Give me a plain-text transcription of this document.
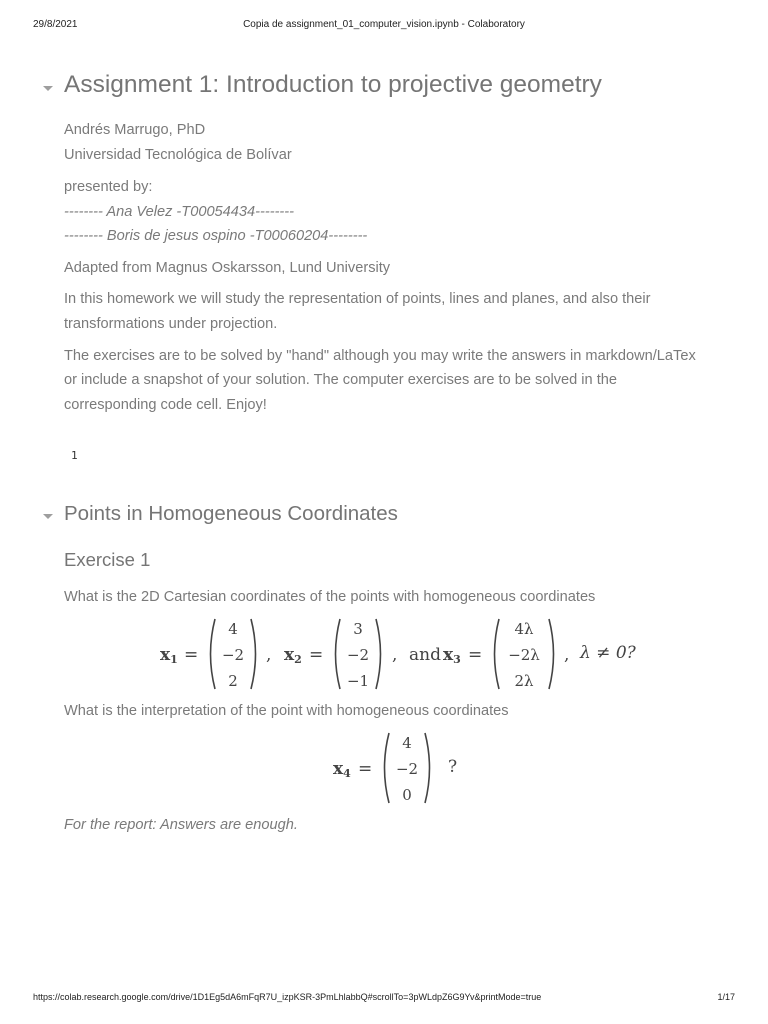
29/8/2021	Copia de assignment_01_computer_vision.ipynb - Colaboratory
Assignment 1: Introduction to projective geometry
Andrés Marrugo, PhD
Universidad Tecnológica de Bolívar
presented by:
-------- Ana Velez -T00054434--------
-------- Boris de jesus ospino -T00060204--------
Adapted from Magnus Oskarsson, Lund University
In this homework we will study the representation of points, lines and planes, and also their
transformations under projection.
The exercises are to be solved by "hand" although you may write the answers in markdown/LaTex
or include a snapshot of your solution. The computer exercises are to be solved in the
corresponding code cell. Enjoy!
1
Points in Homogeneous Coordinates
Exercise 1
What is the 2D Cartesian coordinates of the points with homogeneous coordinates
$x_1$ =
4
−2
2
, $x_2$ =
3
−2
−1
, and $x_3$ =
4λ
−2λ
2λ
, λ ≠ 0?
What is the interpretation of the point with homogeneous coordinates
$x_4$ =
4
−2
0
?
For the report: Answers are enough.
https://colab.research.google.com/drive/1D1Eg5dA6mFqR7U_izpKSR-3PmLhlabbQ#scrollTo=3pWLdpZ6G9Yv&printMode=true	1/17
